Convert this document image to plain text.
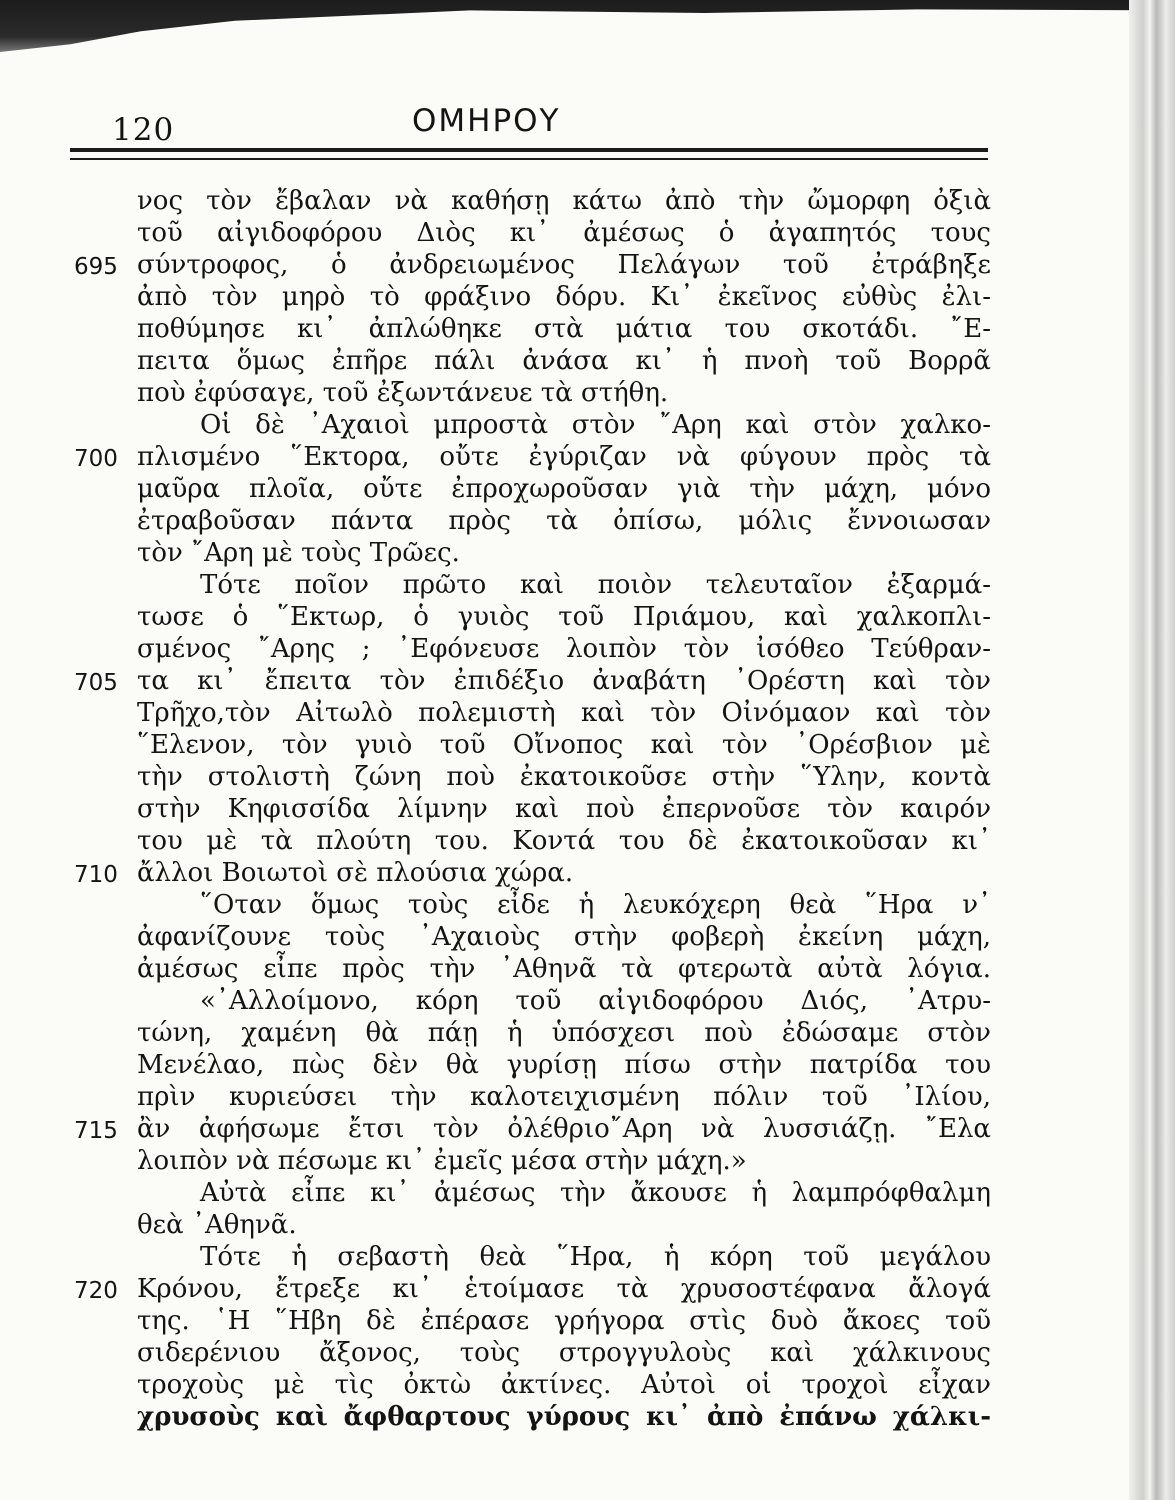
120	ΟΜΗΡΟΥ
νος τὸν ἔβαλαν νὰ καθήσῃ κάτω ἀπὸ τὴν ὤμορφη ὀξιὰ
τοῦ αἰγιδοφόρου Διὸς κι᾿ ἀμέσως ὁ ἀγαπητός τους
695 σύντροφος, ὁ ἀνδρειωμένος Πελάγων τοῦ ἐτράβηξε
ἀπὸ τὸν μηρὸ τὸ φράξινο δόρυ. Κι᾿ ἐκεῖνος εὐθὺς ἐλι-
ποθύμησε κι᾿ ἀπλώθηκε στὰ μάτια του σκοτάδι. ῎Ε-
πειτα ὅμως ἐπῆρε πάλι ἀνάσα κι᾿ ἡ πνοὴ τοῦ Βορρᾶ
ποὺ ἐφύσαγε, τοῦ ἐξωντάνευε τὰ στήθη.
Οἱ δὲ ᾿Αχαιοὶ μπροστὰ στὸν ῎Αρη καὶ στὸν χαλκο-
700 πλισμένο ῞Εκτορα, οὔτε ἐγύριζαν νὰ φύγουν πρὸς τὰ
μαῦρα πλοῖα, οὔτε ἐπροχωροῦσαν γιὰ τὴν μάχη, μόνο
ἐτραβοῦσαν πάντα πρὸς τὰ ὀπίσω, μόλις ἔννοιωσαν
τὸν ῎Αρη μὲ τοὺς Τρῶες.
Τότε ποῖον πρῶτο καὶ ποιὸν τελευταῖον ἐξαρμά-
τωσε ὁ ῞Εκτωρ, ὁ γυιὸς τοῦ Πριάμου, καὶ χαλκοπλι-
σμένος ῎Αρης ; ᾿Εφόνευσε λοιπὸν τὸν ἰσόθεο Τεύθραν-
705 τα κι᾿ ἔπειτα τὸν ἐπιδέξιο ἀναβάτη ᾿Ορέστη καὶ τὸν
Τρῆχο,τὸν Αἰτωλὸ πολεμιστὴ καὶ τὸν Οἰνόμαον καὶ τὸν
῞Ελενον, τὸν γυιὸ τοῦ Οἴνοπος καὶ τὸν ᾿Ορέσβιον μὲ
τὴν στολιστὴ ζώνη ποὺ ἐκατοικοῦσε στὴν ῞Υλην, κοντὰ
στὴν Κηφισσίδα λίμνην καὶ ποὺ ἐπερνοῦσε τὸν καιρόν
του μὲ τὰ πλούτη του. Κοντά του δὲ ἐκατοικοῦσαν κι᾿
710 ἄλλοι Βοιωτοὶ σὲ πλούσια χώρα.
῞Οταν ὅμως τοὺς εἶδε ἡ λευκόχερη θεὰ ῞Ηρα ν᾿
ἀφανίζουνε τοὺς ᾿Αχαιοὺς στὴν φοβερὴ ἐκείνη μάχη,
ἀμέσως εἶπε πρὸς τὴν ᾿Αθηνᾶ τὰ φτερωτὰ αὐτὰ λόγια.
«᾿Αλλοίμονο, κόρη τοῦ αἰγιδοφόρου Διός, ᾿Ατρυ-
τώνη, χαμένη θὰ πάῃ ἡ ὑπόσχεσι ποὺ ἐδώσαμε στὸν
Μενέλαο, πὼς δὲν θὰ γυρίσῃ πίσω στὴν πατρίδα του
πρὶν κυριεύσει τὴν καλοτειχισμένη πόλιν τοῦ ᾿Ιλίου,
715 ἂν ἀφήσωμε ἔτσι τὸν ὀλέθριο῎Αρη νὰ λυσσιάζῃ. ῎Ελα
λοιπὸν νὰ πέσωμε κι᾿ ἐμεῖς μέσα στὴν μάχη.»
Αὐτὰ εἶπε κι᾿ ἀμέσως τὴν ἄκουσε ἡ λαμπρόφθαλμη
θεὰ ᾿Αθηνᾶ.
Τότε ἡ σεβαστὴ θεὰ ῞Ηρα, ἡ κόρη τοῦ μεγάλου
720 Κρόνου, ἔτρεξε κι᾿ ἑτοίμασε τὰ χρυσοστέφανα ἄλογά
της. ῾Η ῞Ηβη δὲ ἐπέρασε γρήγορα στὶς δυὸ ἄκοες τοῦ
σιδερένιου ἄξονος, τοὺς στρογγυλοὺς καὶ χάλκινους
τροχοὺς μὲ τὶς ὀκτὼ ἀκτίνες. Αὐτοὶ οἱ τροχοὶ εἶχαν
χρυσοὺς καὶ ἄφθαρτους γύρους κι᾿ ἀπὸ ἐπάνω χάλκι-
